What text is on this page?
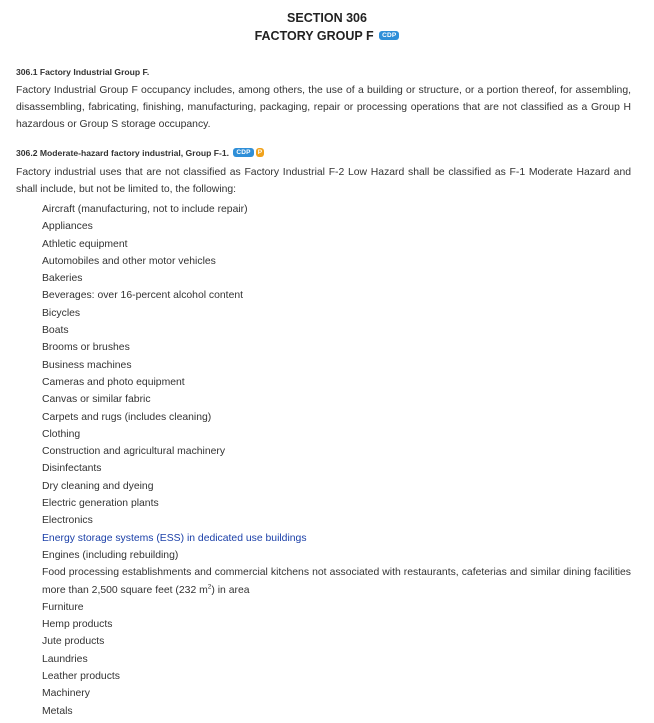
SECTION 306
FACTORY GROUP F CDP
306.1 Factory Industrial Group F.
Factory Industrial Group F occupancy includes, among others, the use of a building or structure, or a portion thereof, for assembling, disassembling, fabricating, finishing, manufacturing, packaging, repair or processing operations that are not classified as a Group H hazardous or Group S storage occupancy.
306.2 Moderate-hazard factory industrial, Group F-1. CDP P
Factory industrial uses that are not classified as Factory Industrial F-2 Low Hazard shall be classified as F-1 Moderate Hazard and shall include, but not be limited to, the following:
Aircraft (manufacturing, not to include repair)
Appliances
Athletic equipment
Automobiles and other motor vehicles
Bakeries
Beverages: over 16-percent alcohol content
Bicycles
Boats
Brooms or brushes
Business machines
Cameras and photo equipment
Canvas or similar fabric
Carpets and rugs (includes cleaning)
Clothing
Construction and agricultural machinery
Disinfectants
Dry cleaning and dyeing
Electric generation plants
Electronics
Energy storage systems (ESS) in dedicated use buildings
Engines (including rebuilding)
Food processing establishments and commercial kitchens not associated with restaurants, cafeterias and similar dining facilities more than 2,500 square feet (232 $m^2$) in area
Furniture
Hemp products
Jute products
Laundries
Leather products
Machinery
Metals
